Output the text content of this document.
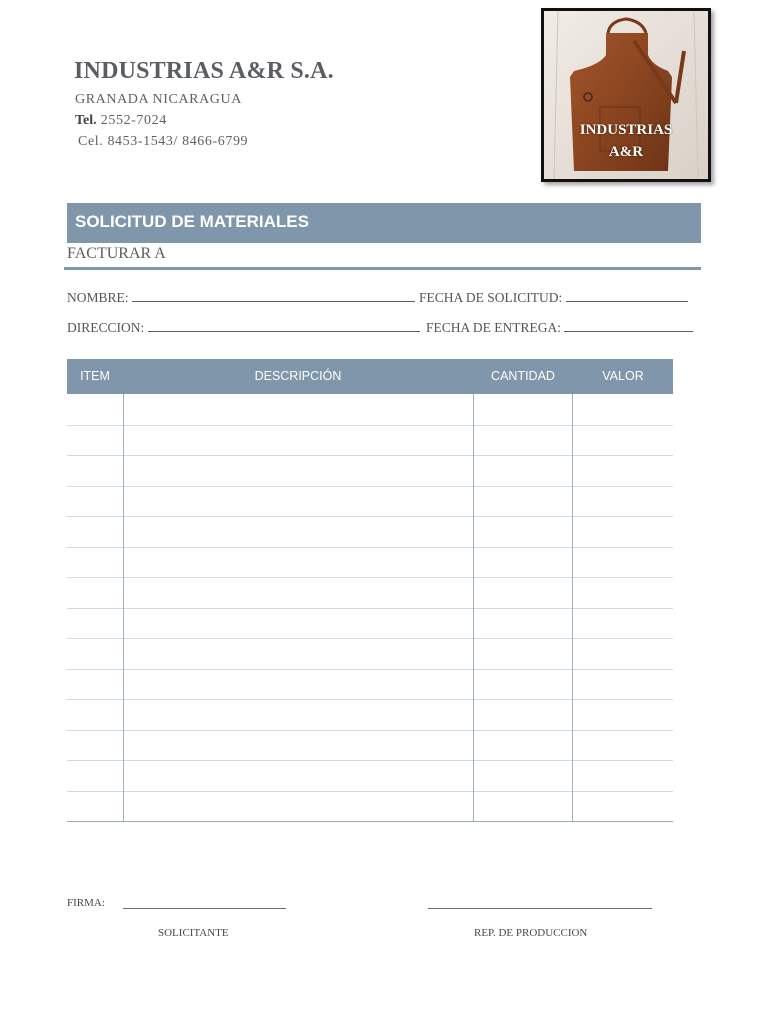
INDUSTRIAS A&R S.A.
GRANADA NICARAGUA
Tel. 2552-7024
Cel. 8453-1543/ 8466-6799
INDUSTRIAS
A&R
SOLICITUD DE MATERIALES
FACTURAR A
NOMBRE:	FECHA DE SOLICITUD:
DIRECCION:	FECHA DE ENTREGA:
ITEM	DESCRIPCIÓN	CANTIDAD	VALOR
FIRMA:
SOLICITANTE	REP. DE PRODUCCION
